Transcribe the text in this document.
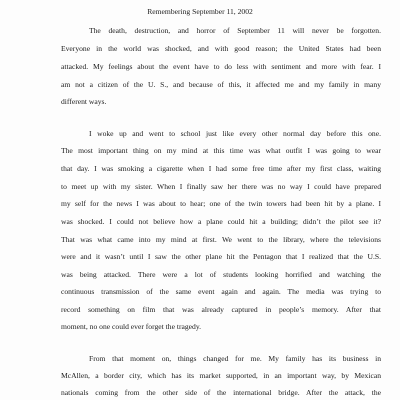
Remembering September 11, 2002
The death, destruction, and horror of September 11 will never be forgotten.
Everyone in the world was shocked, and with good reason; the United States had been
attacked. My feelings about the event have to do less with sentiment and more with fear. I
am not a citizen of the U. S., and because of this, it affected me and my family in many
different ways.
I woke up and went to school just like every other normal day before this one.
The most important thing on my mind at this time was what outfit I was going to wear
that day. I was smoking a cigarette when I had some free time after my first class, waiting
to meet up with my sister. When I finally saw her there was no way I could have prepared
my self for the news I was about to hear; one of the twin towers had been hit by a plane. I
was shocked. I could not believe how a plane could hit a building; didn’t the pilot see it?
That was what came into my mind at first. We went to the library, where the televisions
were and it wasn’t until I saw the other plane hit the Pentagon that I realized that the U.S.
was being attacked. There were a lot of students looking horrified and watching the
continuous transmission of the same event again and again. The media was trying to
record something on film that was already captured in people’s memory. After that
moment, no one could ever forget the tragedy.
From that moment on, things changed for me. My family has its business in
McAllen, a border city, which has its market supported, in an important way, by Mexican
nationals coming from the other side of the international bridge. After the attack, the
